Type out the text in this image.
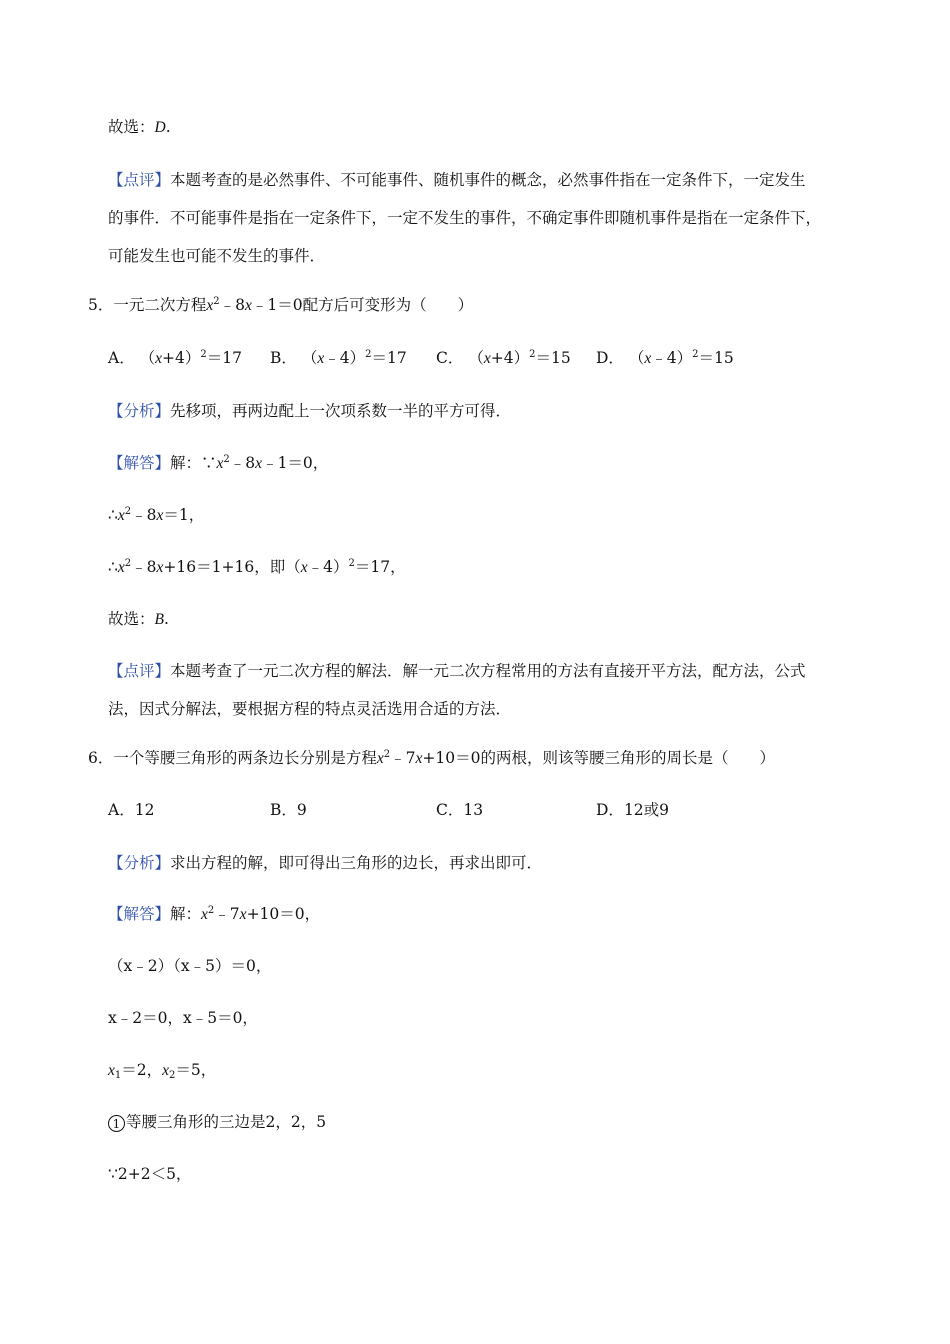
故选：D.
【点评】本题考查的是必然事件、不可能事件、随机事件的概念，必然事件指在一定条件下，一定发生
的事件．不可能事件是指在一定条件下，一定不发生的事件，不确定事件即随机事件是指在一定条件下，
可能发生也可能不发生的事件．
5．一元二次方程$x^2﹣8x﹣1=0$配方后可变形为（　　）
A． $(x+4)^2=17$ B． （x﹣4）$^2$＝17 C． $(x+4)^2=15$ D． （x﹣4）$^2$＝15
【分析】先移项，再两边配上一次项系数一半的平方可得．
【解答】解：$\because x^2﹣8x﹣1=0$，
$\therefore x^2﹣8x=1$，
$\therefore x^2﹣8x+16=1+16$，即（x﹣4）$^2$＝17，
故选：B.
【点评】本题考查了一元二次方程的解法．解一元二次方程常用的方法有直接开平方法，配方法，公式
法，因式分解法，要根据方程的特点灵活选用合适的方法．
6．一个等腰三角形的两条边长分别是方程$x^2﹣7x+10=0$的两根，则该等腰三角形的周长是（　　）
A．12	B．9	C．13	D．12或9
【分析】求出方程的解，即可得出三角形的边长，再求出即可．
【解答】解：$x^2﹣7x+10=0$，
（x﹣2）（x﹣5）＝0，
x﹣2＝0，x﹣5＝0，
$x_1=2$，$x_2=5$，
1 等腰三角形的三边是2，2，5
∵2+2＜5，
